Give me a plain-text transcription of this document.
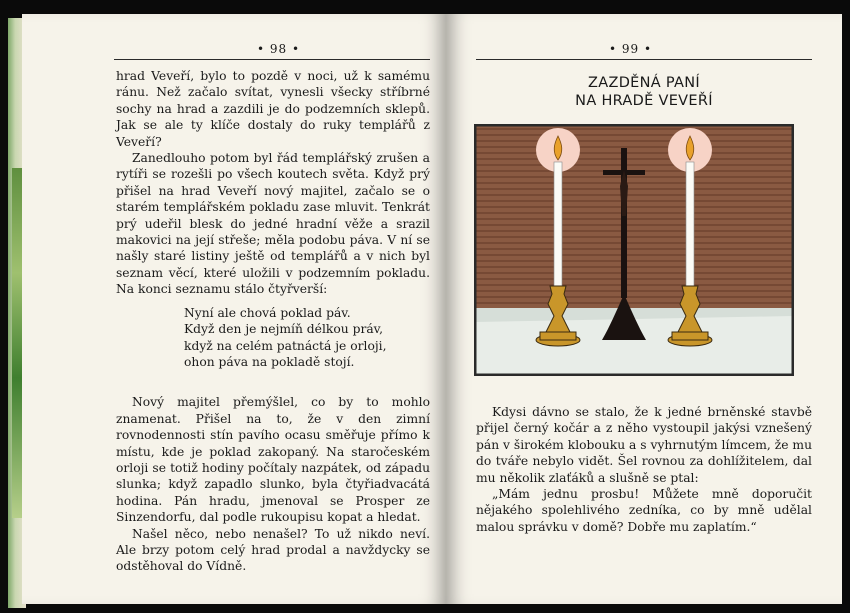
• 98 •

hrad Veveří, bylo to pozdě v noci, už k samému ránu. Než začalo svítat, vynesli všecky stříbrné sochy na hrad a zazdili je do podzemních sklepů. Jak se ale ty klíče dostaly do ruky templářů z Veveří?

Zanedlouho potom byl řád templářský zrušen a rytíři se rozešli po všech koutech světa. Když prý přišel na hrad Veveří nový majitel, začalo se o starém templářském pokladu zase mluvit. Tenkrát prý udeřil blesk do jedné hradní věže a srazil makovici na její střeše; měla podobu páva. V ní se našly staré listiny ještě od templářů a v nich byl seznam věcí, které uložili v podzemním pokladu. Na konci seznamu stálo čtyřverší:

Nyní ale chová poklad páv.
Když den je nejmíň délkou práv,
když na celém patnáctá je orloji,
ohon páva na pokladě stojí.

Nový majitel přemýšlel, co by to mohlo znamenat. Přišel na to, že v den zimní rovnodennosti stín pavího ocasu směřuje přímo k místu, kde je poklad zakopaný. Na staročeském orloji se totiž hodiny počítaly nazpátek, od západu slunka; když zapadlo slunko, byla čtyřiadvacátá hodina. Pán hradu, jmenoval se Prosper ze Sinzendorfu, dal podle rukoupisu kopat a hledat.

Našel něco, nebo nenašel? To už nikdo neví. Ale brzy potom celý hrad prodal a navždycky se odstěhoval do Vídně.

• 99 •
ZAZDĚNÁ PANÍ
NA HRADĚ VEVEŘÍ

Kdysi dávno se stalo, že k jedné brněnské stavbě přijel černý kočár a z něho vystoupil jakýsi vznešený pán v širokém klobouku a s vyhrnutým límcem, že mu do tváře nebylo vidět. Šel rovnou za dohlížitelem, dal mu několik zlaťáků a slušně se ptal:

„Mám jednu prosbu! Můžete mně doporučit nějakého spolehlivého zedníka, co by mně udělal malou správku v domě? Dobře mu zaplatím.“
